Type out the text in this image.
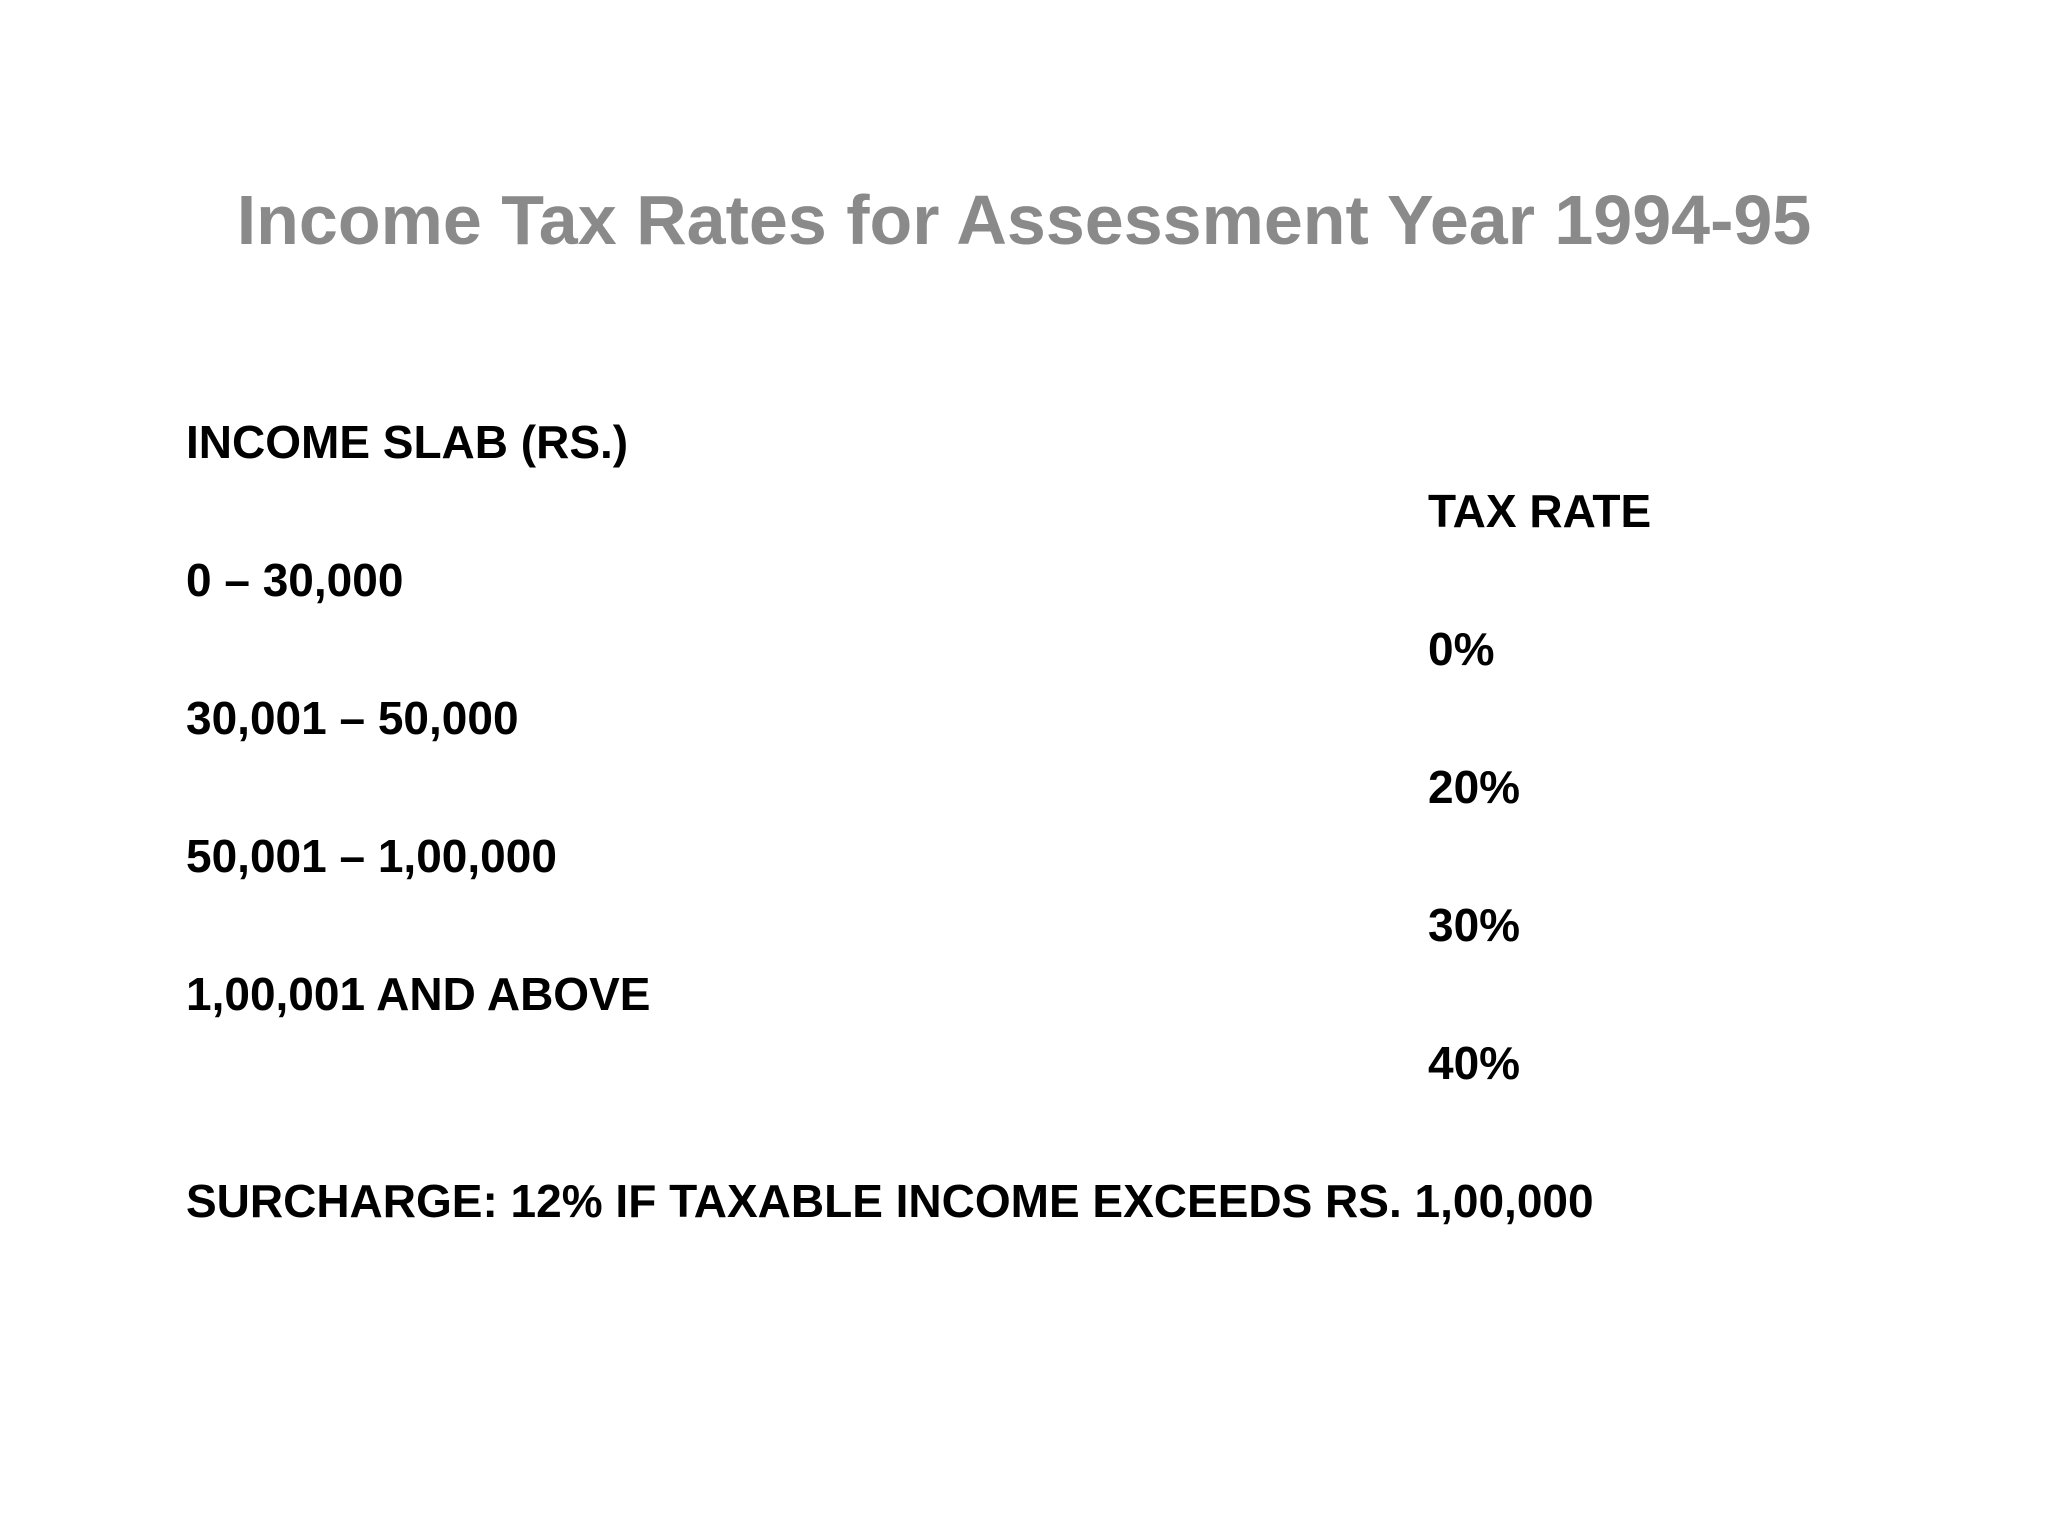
Income Tax Rates for Assessment Year 1994-95
INCOME SLAB (RS.)
TAX RATE
0 – 30,000
0%
30,001 – 50,000
20%
50,001 – 1,00,000
30%
1,00,001 AND ABOVE
40%
SURCHARGE: 12% IF TAXABLE INCOME EXCEEDS RS. 1,00,000
